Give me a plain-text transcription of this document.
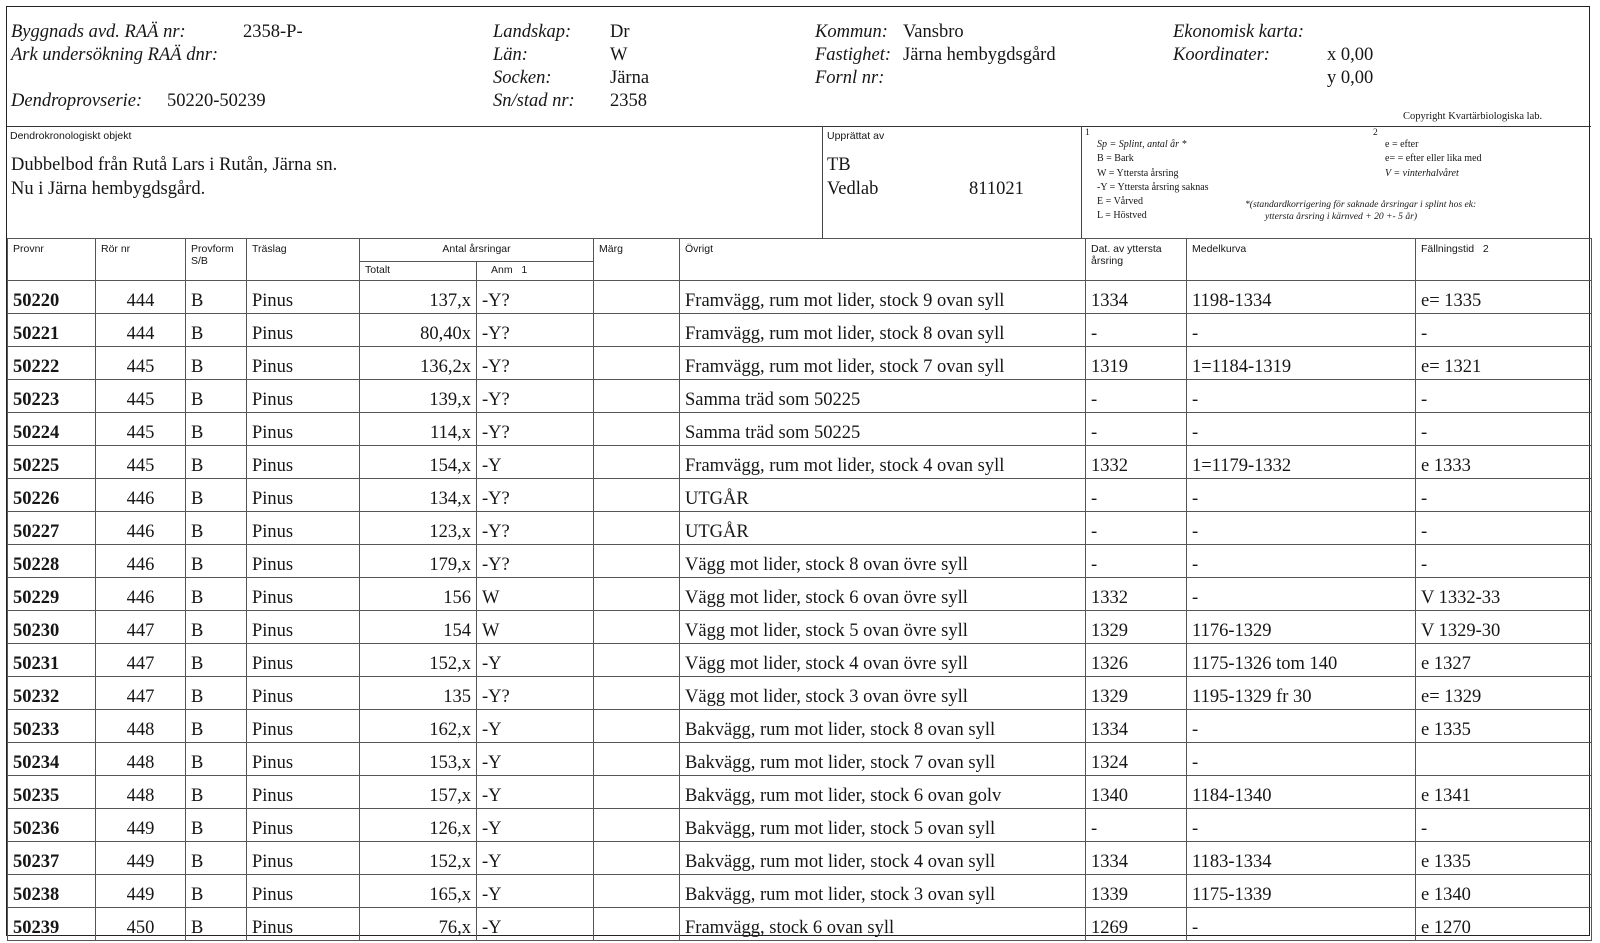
Byggnads avd. RAÄ nr:	2358-P-
Ark undersökning RAÄ dnr:
Dendroprovserie: 50220-50239
Landskap: Dr
Län:	W
Socken:	Järna
Sn/stad nr: 2358
Kommun: Vansbro
Fastighet: Järna hembygdsgård
Fornl nr:
Ekonomisk karta:
Koordinater:	x 0,00
y 0,00
Copyright Kvartärbiologiska lab.
Dendrokronologiskt objekt
Dubbelbod från Rutå Lars i Rutån, Järna sn.
Nu i Järna hembygdsgård.
Upprättat av
TB
Vedlab	811021
1	2
Sp = Splint, antal år *
B = Bark
W = Yttersta årsring
-Y = Yttersta årsring saknas
E = Vårved
L = Höstved
e = efter
e= = efter eller lika med
V = vinterhalvåret
*(standardkorrigering för saknade årsringar i splint hos ek:
yttersta årsring i kärnved + 20 +- 5 år)
Provnr	Rör nr	Provform
S/B	Träslag	Antal årsringar		Märg	Övrigt	Dat. av yttersta
årsring	Medelkurva	Fällningstid 2
				Totalt	Anm 1					
50220	444	B	Pinus	137,x	-Y?		Framvägg, rum mot lider, stock 9 ovan syll	1334	1198-1334	e= 1335
50221	444	B	Pinus	80,40x	-Y?		Framvägg, rum mot lider, stock 8 ovan syll	-	-	-
50222	445	B	Pinus	136,2x	-Y?		Framvägg, rum mot lider, stock 7 ovan syll	1319	1=1184-1319	e= 1321
50223	445	B	Pinus	139,x	-Y?		Samma träd som 50225	-	-	-
50224	445	B	Pinus	114,x	-Y?		Samma träd som 50225	-	-	-
50225	445	B	Pinus	154,x	-Y		Framvägg, rum mot lider, stock 4 ovan syll	1332	1=1179-1332	e 1333
50226	446	B	Pinus	134,x	-Y?		UTGÅR	-	-	-
50227	446	B	Pinus	123,x	-Y?		UTGÅR	-	-	-
50228	446	B	Pinus	179,x	-Y?		Vägg mot lider, stock 8 ovan övre syll	-	-	-
50229	446	B	Pinus	156	W		Vägg mot lider, stock 6 ovan övre syll	1332	-	V 1332-33
50230	447	B	Pinus	154	W		Vägg mot lider, stock 5 ovan övre syll	1329	1176-1329	V 1329-30
50231	447	B	Pinus	152,x	-Y		Vägg mot lider, stock 4 ovan övre syll	1326	1175-1326 tom 140	e 1327
50232	447	B	Pinus	135	-Y?		Vägg mot lider, stock 3 ovan övre syll	1329	1195-1329 fr 30	e= 1329
50233	448	B	Pinus	162,x	-Y		Bakvägg, rum mot lider, stock 8 ovan syll	1334	-	e 1335
50234	448	B	Pinus	153,x	-Y		Bakvägg, rum mot lider, stock 7 ovan syll	1324	-	
50235	448	B	Pinus	157,x	-Y		Bakvägg, rum mot lider, stock 6 ovan golv	1340	1184-1340	e 1341
50236	449	B	Pinus	126,x	-Y		Bakvägg, rum mot lider, stock 5 ovan syll	-	-	-
50237	449	B	Pinus	152,x	-Y		Bakvägg, rum mot lider, stock 4 ovan syll	1334	1183-1334	e 1335
50238	449	B	Pinus	165,x	-Y		Bakvägg, rum mot lider, stock 3 ovan syll	1339	1175-1339	e 1340
50239	450	B	Pinus	76,x	-Y		Framvägg, stock 6 ovan syll	1269	-	e 1270
